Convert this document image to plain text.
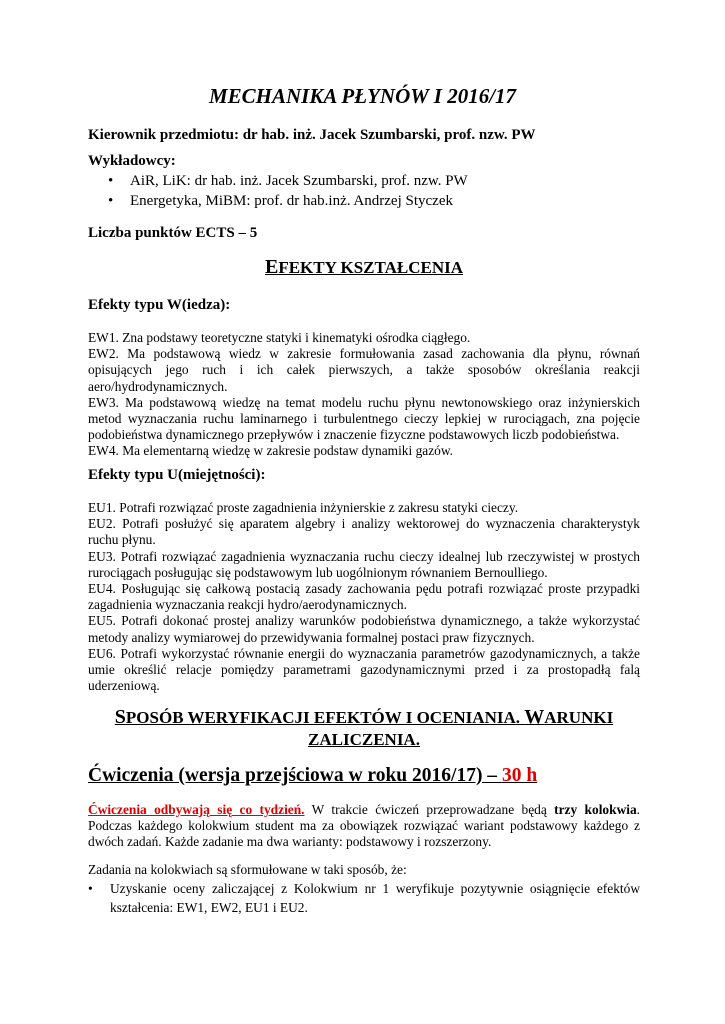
MECHANIKA PŁYNÓW I 2016/17
Kierownik przedmiotu: dr hab. inż. Jacek Szumbarski, prof. nzw. PW
Wykładowcy:
•	AiR, LiK: dr hab. inż. Jacek Szumbarski, prof. nzw. PW
•	Energetyka, MiBM: prof. dr hab.inż. Andrzej Styczek
Liczba punktów ECTS – 5
EFEKTY KSZTAŁCENIA
Efekty typu W(iedza):
EW1. Zna podstawy teoretyczne statyki i kinematyki ośrodka ciągłego.
EW2. Ma podstawową wiedz w zakresie formułowania zasad zachowania dla płynu, równań opisujących jego ruch i ich całek pierwszych, a także sposobów określania reakcji aero/hydrodynamicznych.
EW3. Ma podstawową wiedzę na temat modelu ruchu płynu newtonowskiego oraz inżynierskich metod wyznaczania ruchu laminarnego i turbulentnego cieczy lepkiej w rurociągach, zna pojęcie podobieństwa dynamicznego przepływów i znaczenie fizyczne podstawowych liczb podobieństwa.
EW4. Ma elementarną wiedzę w zakresie podstaw dynamiki gazów.
Efekty typu U(miejętności):
EU1. Potrafi rozwiązać proste zagadnienia inżynierskie z zakresu statyki cieczy.
EU2. Potrafi posłużyć się aparatem algebry i analizy wektorowej do wyznaczenia charakterystyk ruchu płynu.
EU3. Potrafi rozwiązać zagadnienia wyznaczania ruchu cieczy idealnej lub rzeczywistej w prostych rurociągach posługując się podstawowym lub uogólnionym równaniem Bernoulliego.
EU4. Posługując się całkową postacią zasady zachowania pędu potrafi rozwiązać proste przypadki zagadnienia wyznaczania reakcji hydro/aerodynamicznych.
EU5. Potrafi dokonać prostej analizy warunków podobieństwa dynamicznego, a także wykorzystać metody analizy wymiarowej do przewidywania formalnej postaci praw fizycznych.
EU6. Potrafi wykorzystać równanie energii do wyznaczania parametrów gazodynamicznych, a także umie określić relacje pomiędzy parametrami gazodynamicznymi przed i za prostopadłą falą uderzeniową.
SPOSÓB WERYFIKACJI EFEKTÓW I OCENIANIA. WARUNKI
ZALICZENIA.
Ćwiczenia (wersja przejściowa w roku 2016/17) – 30 h
Ćwiczenia odbywają się co tydzień. W trakcie ćwiczeń przeprowadzane będą trzy kolokwia. Podczas każdego kolokwium student ma za obowiązek rozwiązać wariant podstawowy każdego z dwóch zadań. Każde zadanie ma dwa warianty: podstawowy i rozszerzony.
Zadania na kolokwiach są sformułowane w taki sposób, że:
•	Uzyskanie oceny zaliczającej z Kolokwium nr 1 weryfikuje pozytywnie osiągnięcie efektów kształcenia: EW1, EW2, EU1 i EU2.
